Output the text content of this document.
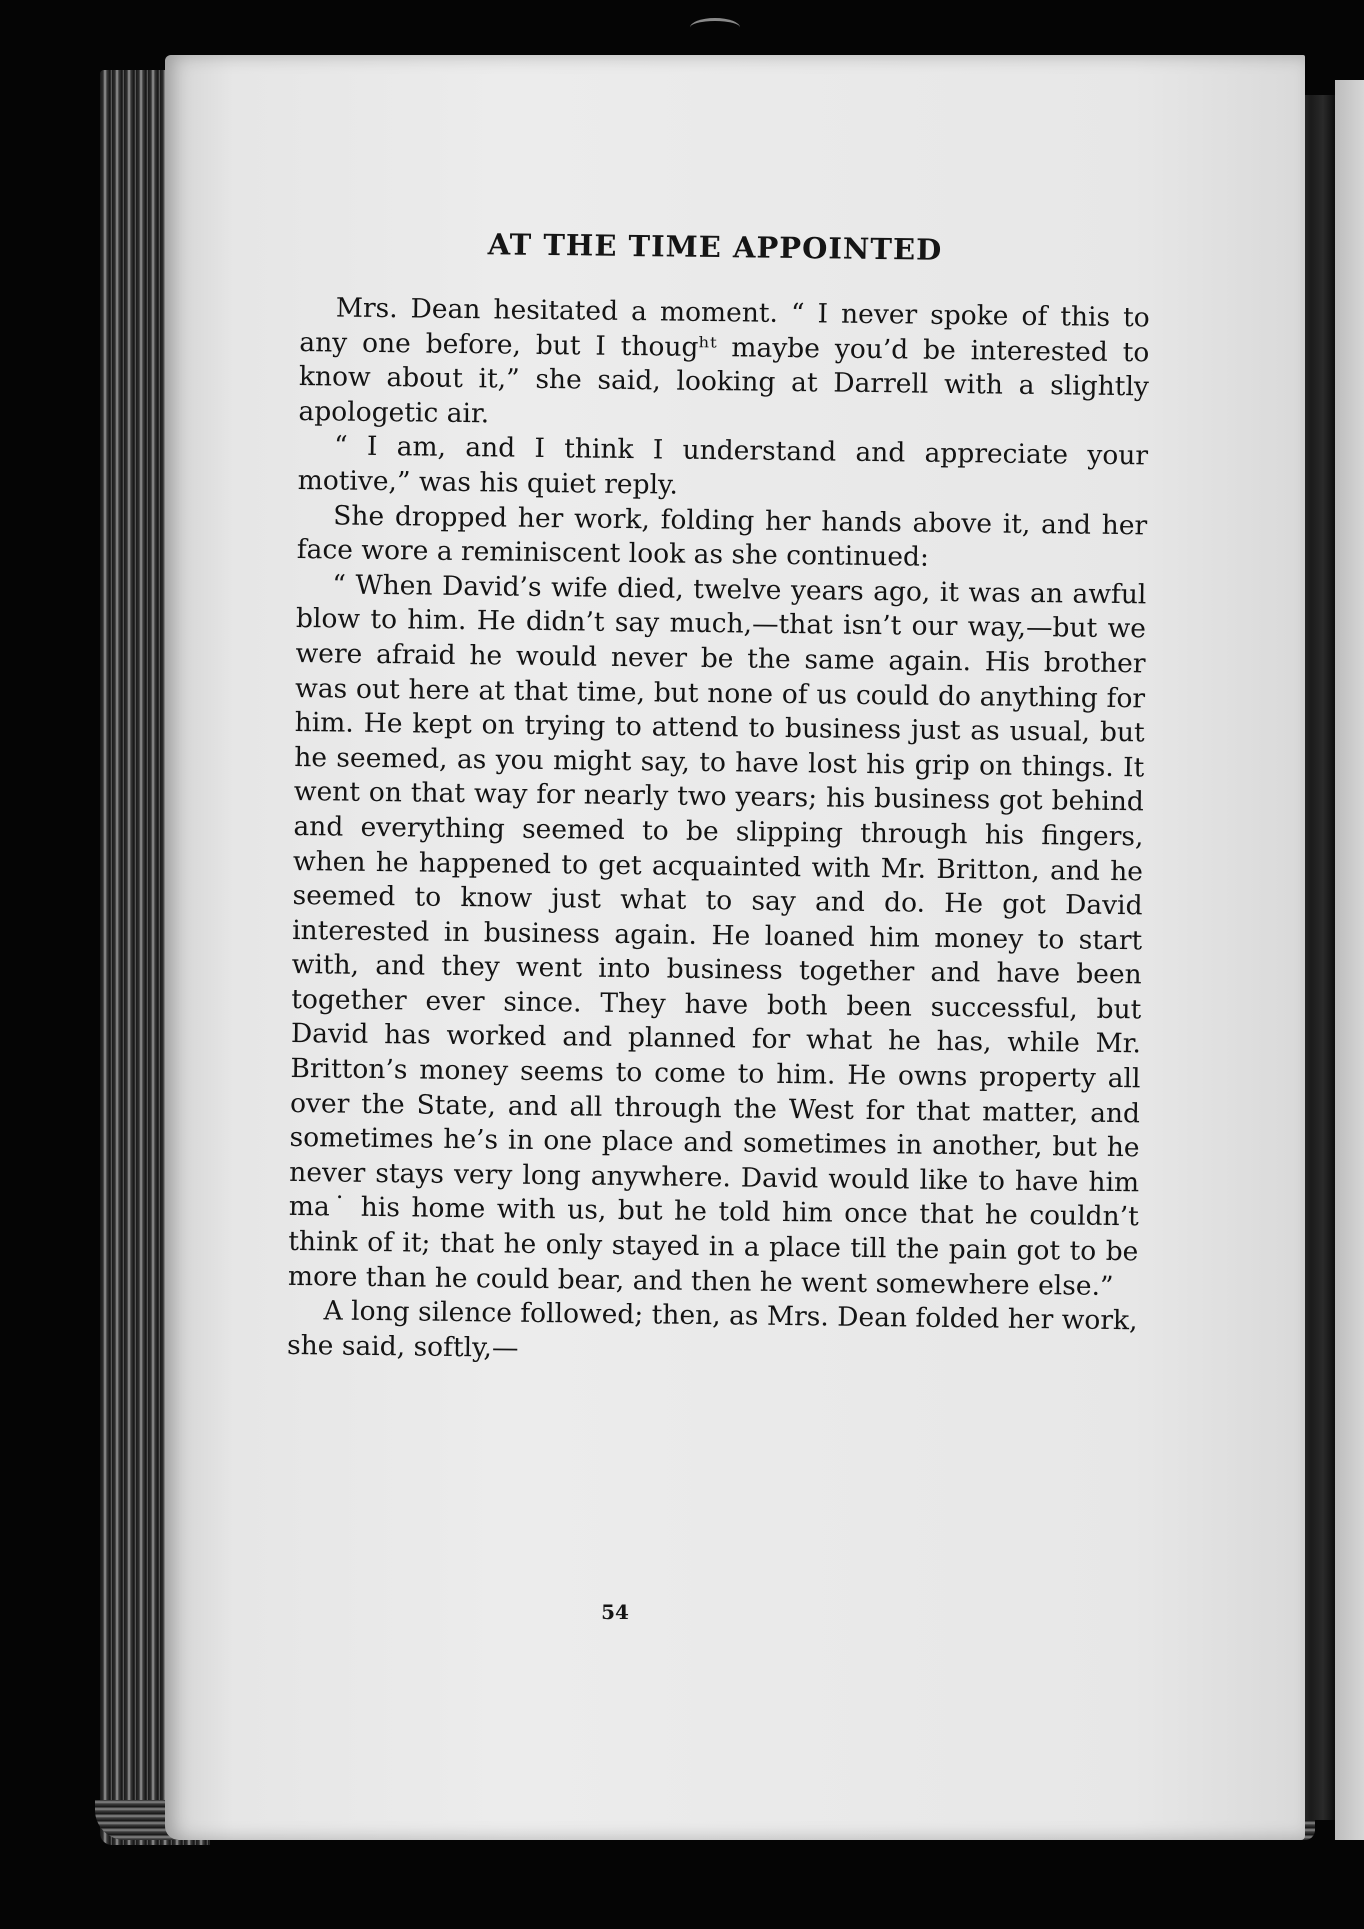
AT THE TIME APPOINTED

Mrs. Dean hesitated a moment. “ I never spoke of this to any one before, but I thougʰᵗ maybe you’d be interested to know about it,” she said, looking at Darrell with a slightly apologetic air.

“ I am, and I think I understand and appreciate your motive,” was his quiet reply.

She dropped her work, folding her hands above it, and her face wore a reminiscent look as she continued:

“ When David’s wife died, twelve years ago, it was an awful blow to him. He didn’t say much,—that isn’t our way,—but we were afraid he would never be the same again. His brother was out here at that time, but none of us could do anything for him. He kept on trying to attend to business just as usual, but he seemed, as you might say, to have lost his grip on things. It went on that way for nearly two years; his business got behind and everything seemed to be slipping through his fingers, when he happened to get acquainted with Mr. Britton, and he seemed to know just what to say and do. He got David interested in business again. He loaned him money to start with, and they went into business together and have been together ever since. They have both been successful, but David has worked and planned for what he has, while Mr. Britton’s money seems to come to him. He owns property all over the State, and all through the West for that matter, and sometimes he’s in one place and sometimes in another, but he never stays very long anywhere. David would like to have him ma˙ his home with us, but he told him once that he couldn’t think of it; that he only stayed in a place till the pain got to be more than he could bear, and then he went somewhere else.”

A long silence followed; then, as Mrs. Dean folded her work, she said, softly,—

54
